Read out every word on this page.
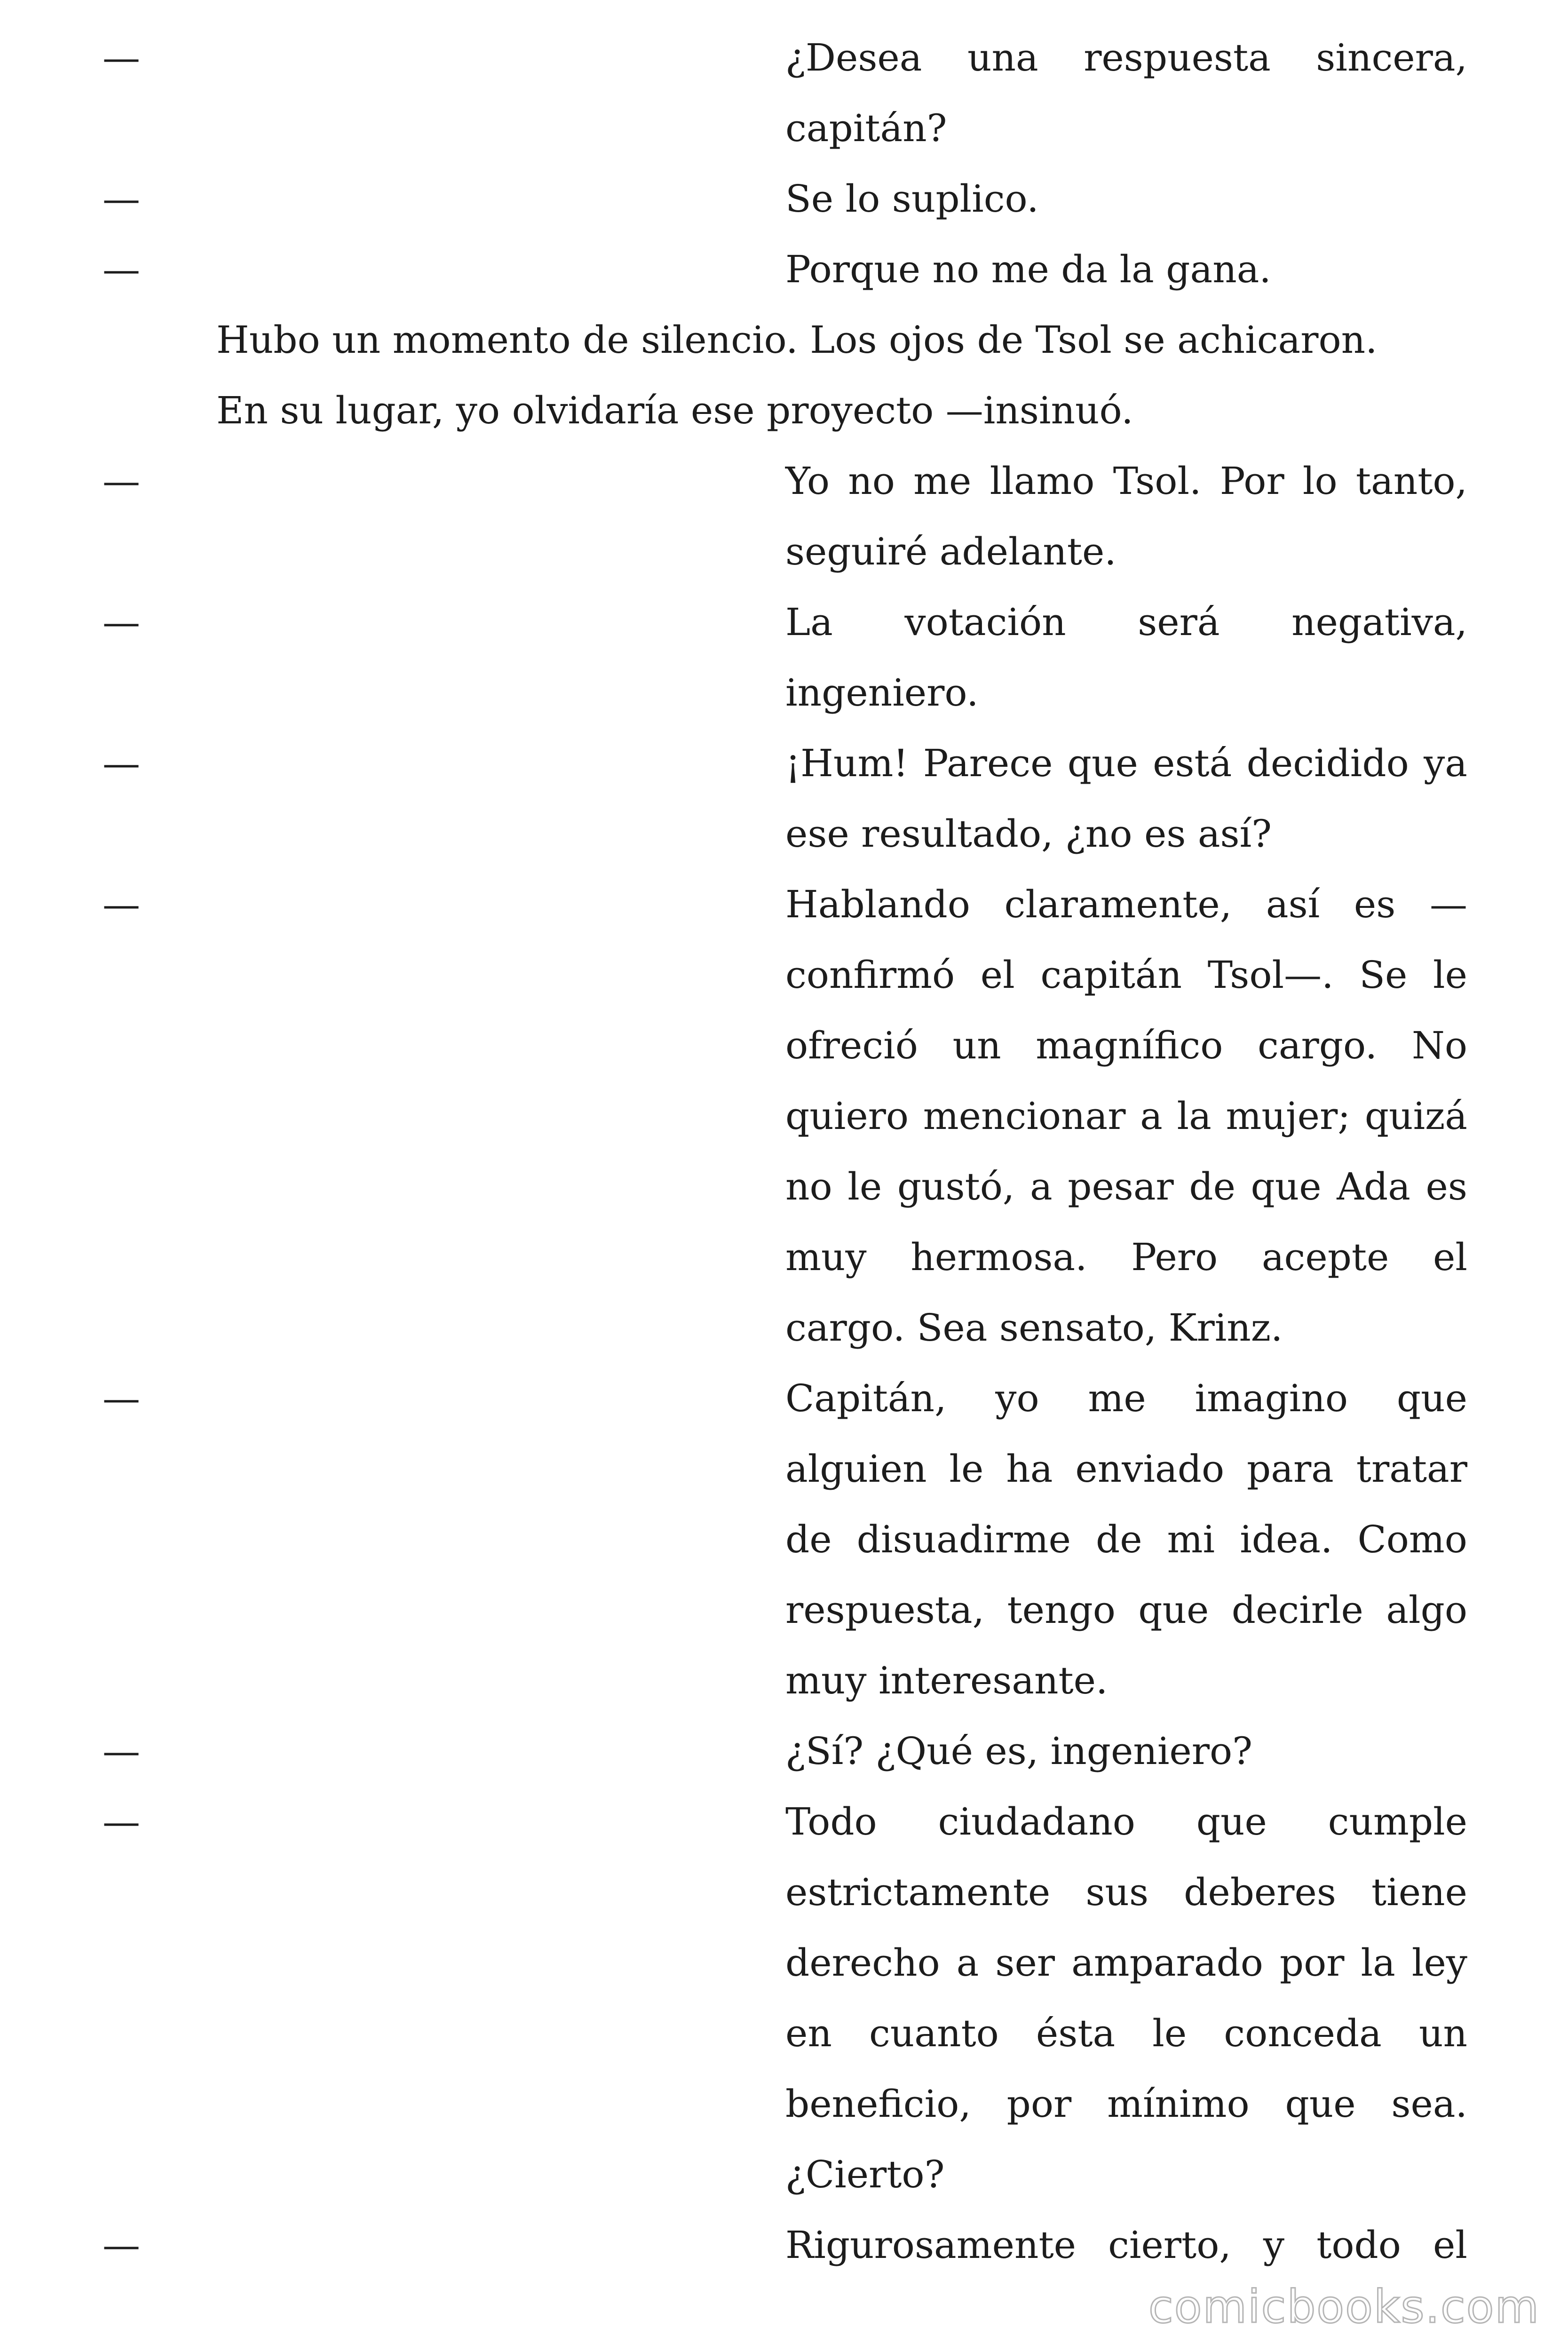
—	¿Desea una respuesta sincera,
capitán?
—	Se lo suplico.
—	Porque no me da la gana.
Hubo un momento de silencio. Los ojos de Tsol se achicaron.
En su lugar, yo olvidaría ese proyecto —insinuó.
—	Yo no me llamo Tsol. Por lo tanto,
seguiré adelante.
—	La votación será negativa,
ingeniero.
—	¡Hum! Parece que está decidido ya
ese resultado, ¿no es así?
—	Hablando claramente, así es —
confirmó el capitán Tsol—. Se le
ofreció un magnífico cargo. No
quiero mencionar a la mujer; quizá
no le gustó, a pesar de que Ada es
muy hermosa. Pero acepte el
cargo. Sea sensato, Krinz.
—	Capitán, yo me imagino que
alguien le ha enviado para tratar
de disuadirme de mi idea. Como
respuesta, tengo que decirle algo
muy interesante.
—	¿Sí? ¿Qué es, ingeniero?
—	Todo ciudadano que cumple
estrictamente sus deberes tiene
derecho a ser amparado por la ley
en cuanto ésta le conceda un
beneficio, por mínimo que sea.
¿Cierto?
—	Rigurosamente cierto, y todo el
comicbooks.com
